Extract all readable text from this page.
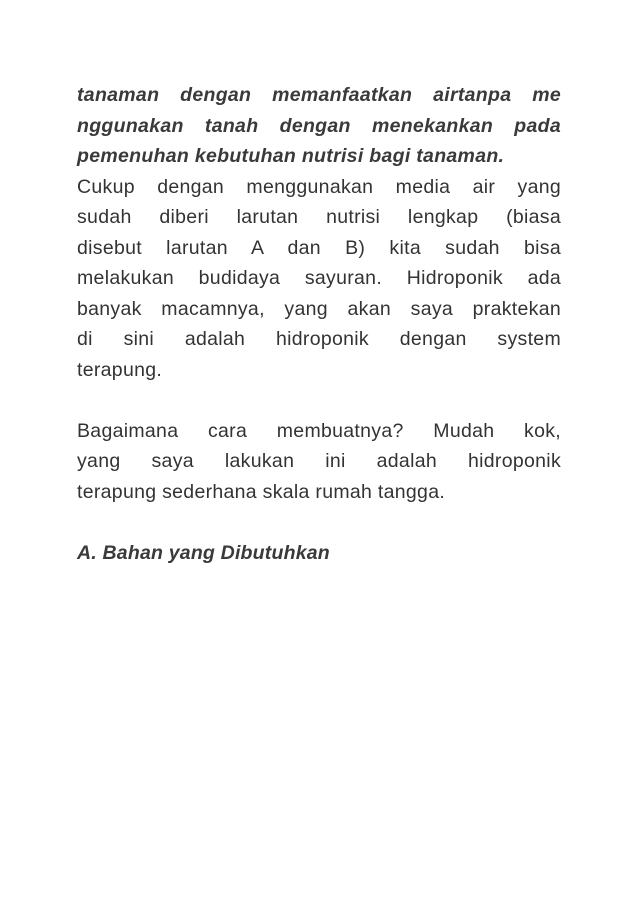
tanaman dengan memanfaatkan airtanpa me
nggunakan tanah dengan menekankan pada
pemenuhan kebutuhan nutrisi bagi tanaman.
Cukup dengan menggunakan media air yang
sudah diberi larutan nutrisi lengkap (biasa
disebut larutan A dan B) kita sudah bisa
melakukan budidaya sayuran. Hidroponik ada
banyak macamnya, yang akan saya praktekan
di sini adalah hidroponik dengan system
terapung.
Bagaimana cara membuatnya? Mudah kok,
yang saya lakukan ini adalah hidroponik
terapung sederhana skala rumah tangga.
A. Bahan yang Dibutuhkan
